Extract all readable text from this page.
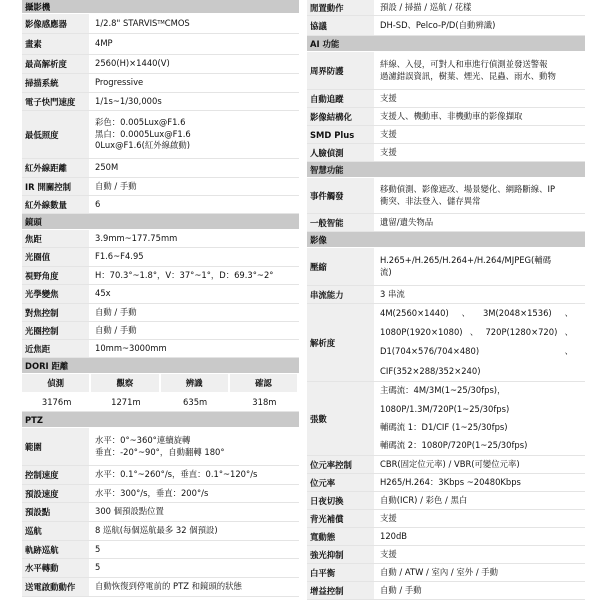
攝影機
影像感應器	1/2.8" STARVIS TM CMOS
畫素	4MP
最高解析度	2560(H)×1440(V)
掃描系統	Progressive
電子快門速度	1/1s~1/30,000s
最低照度
彩色：0.005Lux@F1.6
黑白：0.0005Lux@F1.6
0Lux@F1.6(紅外線啟動)
紅外線距離	250M
IR 開關控制	自動 / 手動
紅外線數量	6
鏡頭
焦距	3.9mm~177.75mm
光圈值	F1.6~F4.95
視野角度	H：70.3°~1.8°，V：37°~1°，D：69.3°~2°
光學變焦	45x
對焦控制	自動 / 手動
光圈控制	自動 / 手動
近焦距	10mm~3000mm
DORI 距離
偵測	觀察	辨識	確認
3176m	1271m	635m	318m
PTZ
範圍
水平：0°~360°連續旋轉
垂直：-20°~90°，自動翻轉 180°
控制速度	水平：0.1°~260°/s，垂直：0.1°~120°/s
預設速度	水平：300°/s，垂直：200°/s
預設點	300 個預設點位置
巡航	8 巡航(每個巡航最多 32 個預設)
軌跡巡航	5
水平轉動	5
送電啟動動作	自動恢復到停電前的 PTZ 和鏡頭的狀態
閒置動作	預設 / 掃描 / 巡航 / 花樣
協議	DH-SD、Pelco-P/D(自動辨識)
AI 功能
周界防護
絆線、入侵，可對人和車進行偵測並發送警報
過濾錯誤資訊，樹葉、煙光、昆蟲、雨水、動物
自動追蹤	支援
影像結構化	支援人、機動車、非機動車的影像擷取
SMD Plus	支援
人臉偵測	支援
智慧功能
事件觸發
移動偵測、影像遮改、場景變化、網路斷線、IP
衝突、非法登入、儲存異常
一般智能	遺留/遺失物品
影像
壓縮
H.265+/H.265/H.264+/H.264/MJPEG(輔碼
流)
串流能力	3 串流
解析度
4M(2560×1440) 、 3M(2048×1536) 、
1080P(1920×1080) 、 720P(1280×720) 、
D1(704×576/704×480)	、
CIF(352×288/352×240)
張數
主碼流：4M/3M(1~25/30fps)，
1080P/1.3M/720P(1~25/30fps)
輔碼流 1：D1/CIF (1~25/30fps)
輔碼流 2：1080P/720P(1~25/30fps)
位元率控制	CBR(固定位元率) / VBR(可變位元率)
位元率	H265/H.264：3Kbps ~20480Kbps
日夜切換	自動(ICR) / 彩色 / 黑白
背光補償	支援
寬動態	120dB
強光抑制	支援
白平衡	自動 / ATW / 室內 / 室外 / 手動
增益控制	自動 / 手動
